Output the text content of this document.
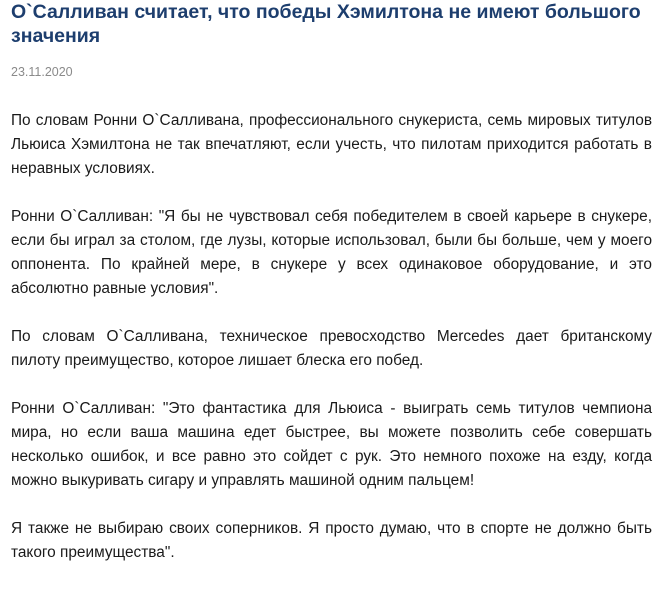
О`Салливан считает, что победы Хэмилтона не имеют большого значения
23.11.2020

По словам Ронни О`Салливана, профессионального снукериста, семь мировых титулов Льюиса Хэмилтона не так впечатляют, если учесть, что пилотам приходится работать в неравных условиях.

Ронни О`Салливан: "Я бы не чувствовал себя победителем в своей карьере в снукере, если бы играл за столом, где лузы, которые использовал, были бы больше, чем у моего оппонента. По крайней мере, в снукере у всех одинаковое оборудование, и это абсолютно равные условия".

По словам О`Салливана, техническое превосходство Mercedes дает британскому пилоту преимущество, которое лишает блеска его побед.

Ронни О`Салливан: "Это фантастика для Льюиса - выиграть семь титулов чемпиона мира, но если ваша машина едет быстрее, вы можете позволить себе совершать несколько ошибок, и все равно это сойдет с рук. Это немного похоже на езду, когда можно выкуривать сигару и управлять машиной одним пальцем!

Я также не выбираю своих соперников. Я просто думаю, что в спорте не должно быть такого преимущества".
